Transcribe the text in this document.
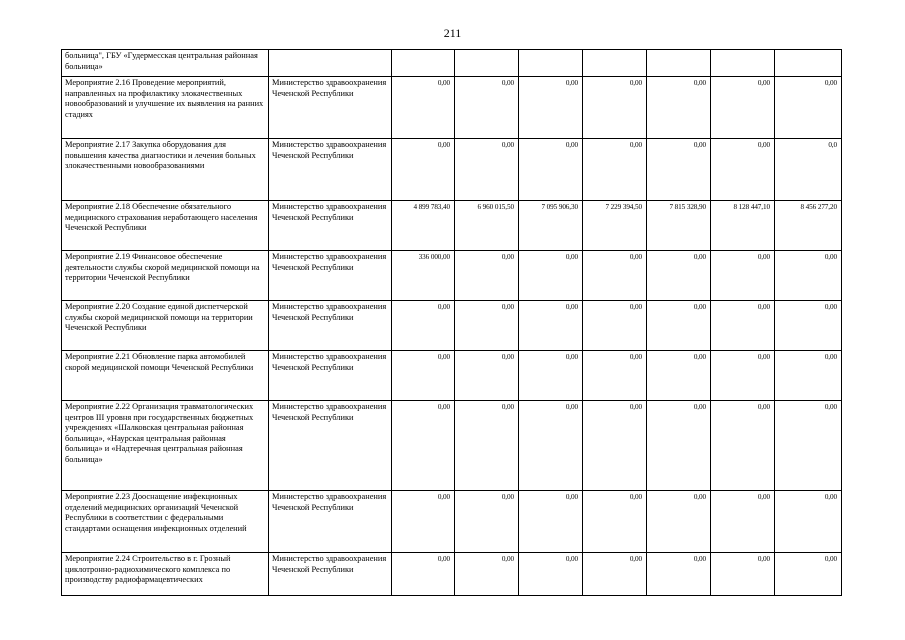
211
больница", ГБУ «Гудермесская центральная районная больница»								
Мероприятие 2.16 Проведение мероприятий, направленных на профилактику злокачественных новообразований и улучшение их выявления на ранних стадиях	Министерство здравоохранения Чеченской Республики	0,00	0,00	0,00	0,00	0,00	0,00	0,00
Мероприятие 2.17 Закупка оборудования для повышения качества диагностики и лечения больных злокачественными новообразованиями	Министерство здравоохранения Чеченской Республики	0,00	0,00	0,00	0,00	0,00	0,00	0,0
Мероприятие 2.18 Обеспечение обязательного медицинского страхования неработающего населения Чеченской Республики	Министерство здравоохранения Чеченской Республики	4 899 783,40	6 960 015,50	7 095 906,30	7 229 394,50	7 815 328,90	8 128 447,10	8 456 277,20
Мероприятие 2.19 Финансовое обеспечение деятельности службы скорой медицинской помощи на территории Чеченской Республики	Министерство здравоохранения Чеченской Республики	336 000,00	0,00	0,00	0,00	0,00	0,00	0,00
Мероприятие 2.20 Создание единой диспетчерской службы скорой медицинской помощи на территории Чеченской Республики	Министерство здравоохранения Чеченской Республики	0,00	0,00	0,00	0,00	0,00	0,00	0,00
Мероприятие 2.21 Обновление парка автомобилей скорой медицинской помощи Чеченской Республики	Министерство здравоохранения Чеченской Республики	0,00	0,00	0,00	0,00	0,00	0,00	0,00
Мероприятие 2.22 Организация травматологических центров III уровня при государственных бюджетных учреждениях «Шалковская центральная районная больница», «Наурская центральная районная больница» и «Надтеречная центральная районная больница»	Министерство здравоохранения Чеченской Республики	0,00	0,00	0,00	0,00	0,00	0,00	0,00
Мероприятие 2.23 Дооснащение инфекционных отделений медицинских организаций Чеченской Республики в соответствии с федеральными стандартами оснащения инфекционных отделений	Министерство здравоохранения Чеченской Республики	0,00	0,00	0,00	0,00	0,00	0,00	0,00
Мероприятие 2.24 Строительство в г. Грозный циклотронно-радиохимического комплекса по производству радиофармацевтических	Министерство здравоохранения Чеченской Республики	0,00	0,00	0,00	0,00	0,00	0,00	0,00
